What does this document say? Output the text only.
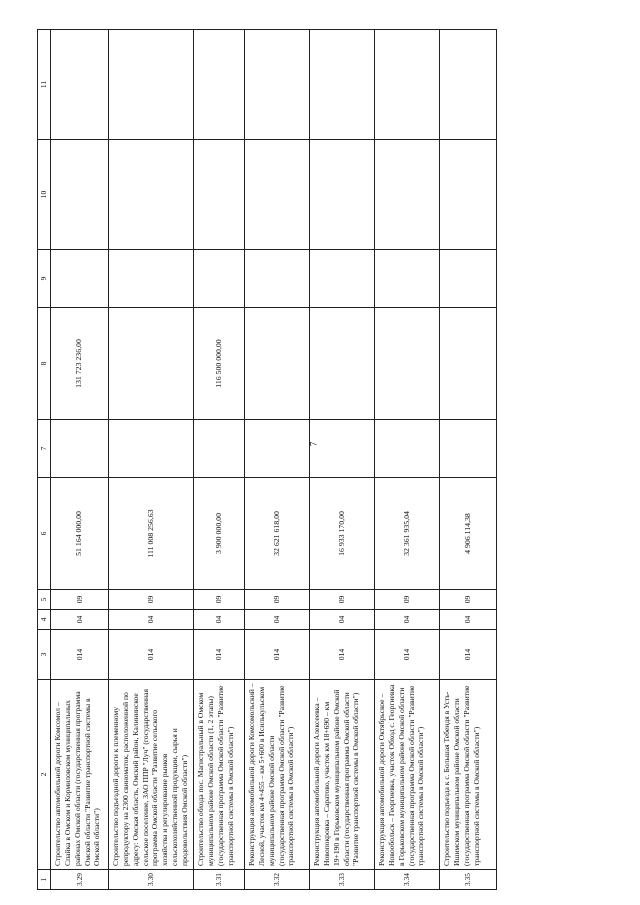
7
1	2	3	4	5	6	7	8	9	10	11
3.29	Строительство автомобильной дороги Комсомол – Спайка в Омском и Кормиловском муниципальных районах Омской области (государственная программа Омской области "Развитие транспортной системы в Омской области")	014	04	09	51 164 000,00		131 723 236,00			
3.30	Строительство подъездной дороги к племенному репродуктору на 2300 свиноматок, расположенной по адресу: Омская область, Омский район, Калининское сельское поселение, ЗАО ППР "Луч" (государственная программа Омской области "Развитие сельского хозяйства и регулирование рынков сельскохозяйственной продукции, сырья и продовольствия Омской области")	014	04	09	111 008 256,63					
3.31	Строительство обхода пос. Магистральный в Омском муниципальном районе Омской области (1, 2 этапы) (государственная программа Омской области "Развитие транспортной системы в Омской области")	014	04	09	3 900 000,00		116 500 000,00			
3.32	Реконструкция автомобильной дороги Комсомольский – Лесной, участок км 4+455 – км 5+600 в Исилькульском муниципальном районе Омской области (государственная программа Омской области "Развитие транспортной системы в Омской области")	014	04	09	32 621 618,00					
3.33	Реконструкция автомобильной дороги Алексеевка – Новопокровка – Саратово, участок км 18+690 – км 19+190 в Горьковском муниципальном районе Омской области (государственная программа Омской области "Развитие транспортной системы в Омской области")	014	04	09	16 933 170,00					
3.34	Реконструкция автомобильной дороги Октябрьское – Новообольск – Георгиевка, участок Обход с. Георгиевка в Горьковском муниципальном районе Омской области (государственная программа Омской области "Развитие транспортной системы в Омской области")	014	04	09	32 361 935,04					
3.35	Строительство подъезда к с. Большая Тебендя в Усть-Ишимском муниципальном районе Омской области (государственная программа Омской области "Развитие транспортной системы в Омской области")	014	04	09	4 906 114,38					
